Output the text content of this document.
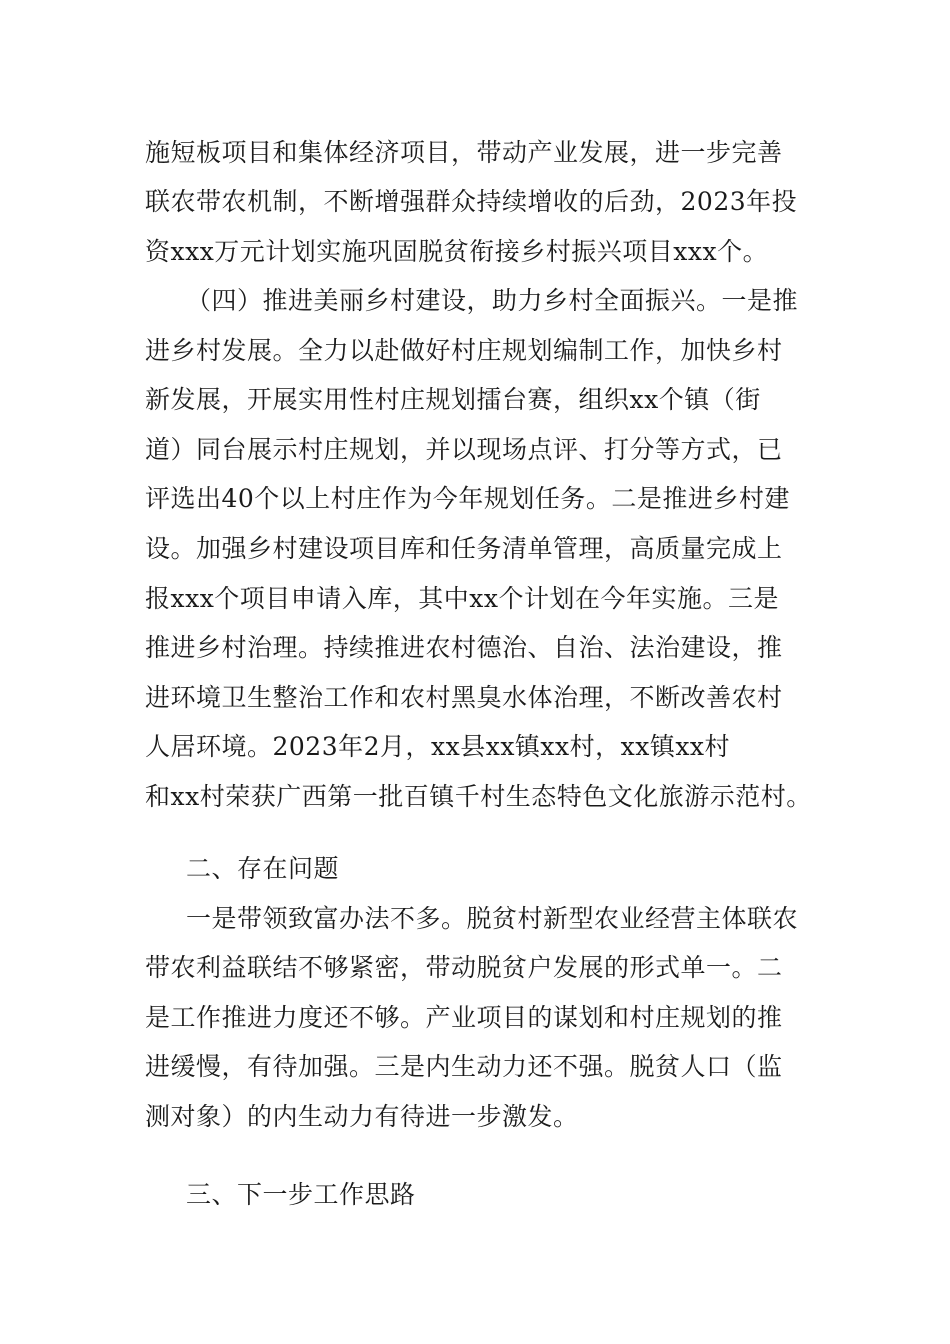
施短板项目和集体经济项目，带动产业发展，进一步完善
联农带农机制，不断增强群众持续增收的后劲，2023年投
资xxx万元计划实施巩固脱贫衔接乡村振兴项目xxx个。
（四）推进美丽乡村建设，助力乡村全面振兴。一是推
进乡村发展。全力以赴做好村庄规划编制工作，加快乡村
新发展，开展实用性村庄规划擂台赛，组织xx个镇（街
道）同台展示村庄规划，并以现场点评、打分等方式，已
评选出40个以上村庄作为今年规划任务。二是推进乡村建
设。加强乡村建设项目库和任务清单管理，高质量完成上
报xxx个项目申请入库，其中xx个计划在今年实施。三是
推进乡村治理。持续推进农村德治、自治、法治建设，推
进环境卫生整治工作和农村黑臭水体治理，不断改善农村
人居环境。2023年2月，xx县xx镇xx村，xx镇xx村
和xx村荣获广西第一批百镇千村生态特色文化旅游示范村。
二、存在问题
一是带领致富办法不多。脱贫村新型农业经营主体联农
带农利益联结不够紧密，带动脱贫户发展的形式单一。二
是工作推进力度还不够。产业项目的谋划和村庄规划的推
进缓慢，有待加强。三是内生动力还不强。脱贫人口（监
测对象）的内生动力有待进一步激发。
三、下一步工作思路
